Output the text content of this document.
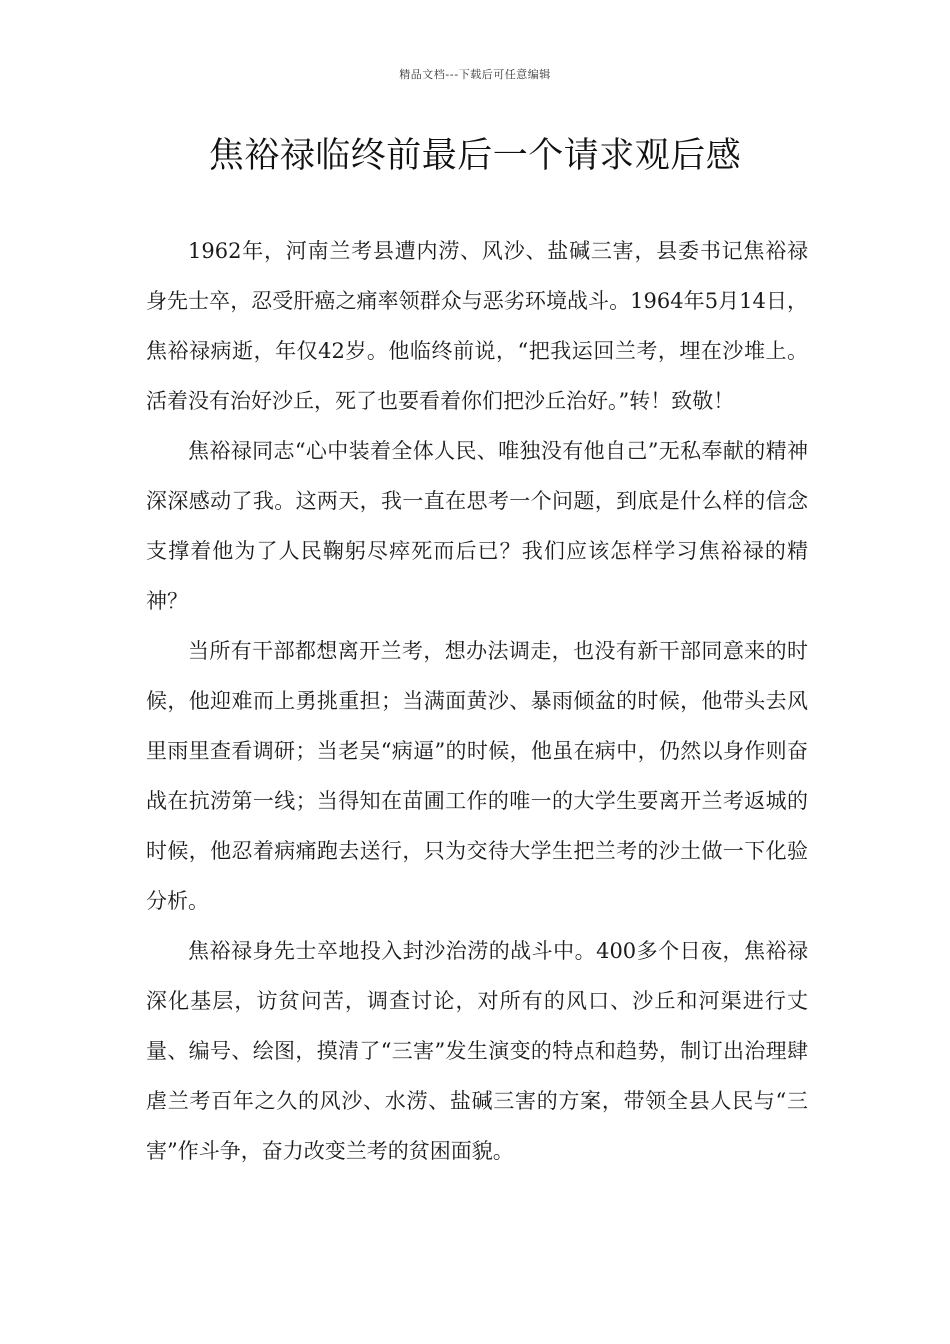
精品文档---下载后可任意编辑
焦裕禄临终前最后一个请求观后感

1962年，河南兰考县遭内涝、风沙、盐碱三害，县委书记焦裕禄身先士卒，忍受肝癌之痛率领群众与恶劣环境战斗。1964年5月14日，焦裕禄病逝，年仅42岁。他临终前说，“把我运回兰考，埋在沙堆上。活着没有治好沙丘，死了也要看着你们把沙丘治好。”转！致敬！

焦裕禄同志“心中装着全体人民、唯独没有他自己”无私奉献的精神深深感动了我。这两天，我一直在思考一个问题，到底是什么样的信念支撑着他为了人民鞠躬尽瘁死而后已？我们应该怎样学习焦裕禄的精神？

当所有干部都想离开兰考，想办法调走，也没有新干部同意来的时候，他迎难而上勇挑重担；当满面黄沙、暴雨倾盆的时候，他带头去风里雨里查看调研；当老吴“病逼”的时候，他虽在病中，仍然以身作则奋战在抗涝第一线；当得知在苗圃工作的唯一的大学生要离开兰考返城的时候，他忍着病痛跑去送行，只为交待大学生把兰考的沙土做一下化验分析。

焦裕禄身先士卒地投入封沙治涝的战斗中。400多个日夜，焦裕禄深化基层，访贫问苦，调查讨论，对所有的风口、沙丘和河渠进行丈量、编号、绘图，摸清了“三害”发生演变的特点和趋势，制订出治理肆虐兰考百年之久的风沙、水涝、盐碱三害的方案，带领全县人民与“三害”作斗争，奋力改变兰考的贫困面貌。
